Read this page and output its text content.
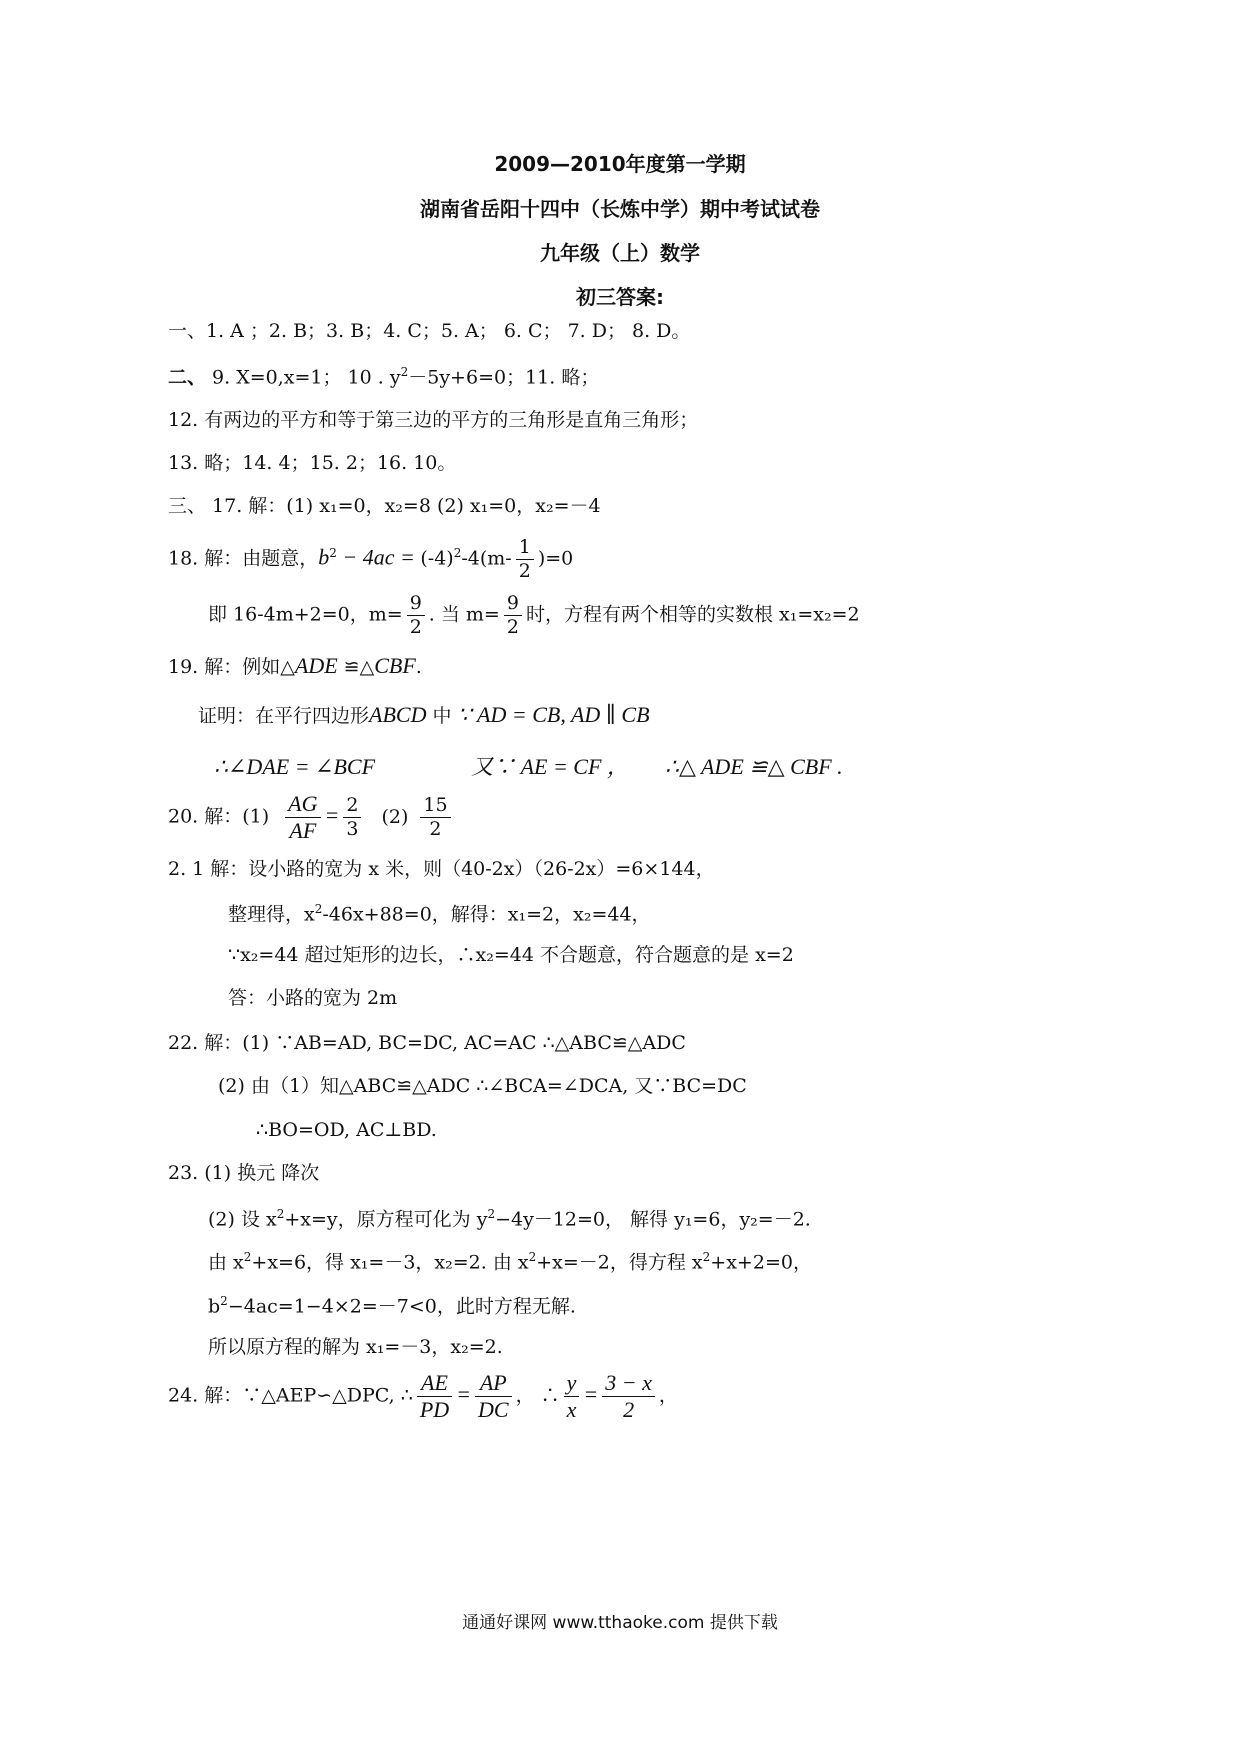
2009—2010年度第一学期
湖南省岳阳十四中（长炼中学）期中考试试卷
九年级（上）数学
初三答案:
一、1. A ；2. B；3. B；4. C；5. A； 6. C； 7. D； 8. D。
二、 9. X=0,x=1； 10 . $y^2-5y+6=0$；11. 略；
12. 有两边的平方和等于第三边的平方的三角形是直角三角形；
13. 略；14. 4；15. 2；16. 10。
三、 17. 解：(1) x₁=0，x₂=8 (2) x₁=0，x₂=－4
18. 解：由题意，$b^2 - 4ac = (-4)^2-4(m- \frac{1}{2} )=0$
即 16-4m+2=0，$m= \frac{9}{2}$ . 当 $m= \frac{9}{2}$ 时，方程有两个相等的实数根 x₁=x₂=2
19. 解：例如△ADE ≌△CBF.
证明：在平行四边形ABCD 中 ∵ AD = CB, AD ∥ CB
∴∠DAE = ∠BCF	又∵ AE = CF ， ∴△ ADE ≌△ CBF .
20. 解：$(1) \frac{AG}{AF} = \frac{2}{3} (2) \frac{15}{2}$
2. 1 解：设小路的宽为 x 米，则（40-2x）（26-2x）=6×144，
整理得，$x^2-46x+88=0$，解得：x₁=2，x₂=44，
∵x₂=44 超过矩形的边长，∴x₂=44 不合题意，符合题意的是 x=2
答：小路的宽为 2m
22. 解：(1) ∵AB=AD, BC=DC, AC=AC ∴△ABC≌△ADC
(2) 由（1）知△ABC≌△ADC ∴∠BCA=∠DCA, 又∵BC=DC
∴BO=OD, AC⊥BD.
23. (1) 换元 降次
(2) 设 $x^2+x=y$，原方程可化为 $y^2-4y-12=0$， 解得 y₁=6，y₂=－2.
由 $x^2+x=6$，得 x₁=－3，x₂=2. 由 $x^2+x=-2$，得方程 $x^2+x+2=0$，
$b^2-4ac=1-4\times 2=-7<0$，此时方程无解.
所以原方程的解为 x₁=－3，x₂=2.
24. 解：∵△AEP∽△DPC, ∴ $\frac{AE}{PD} = \frac{AP}{DC}$ ， ∴ $\frac{y}{x} = \frac{3 - x}{2}$ ，
通通好课网 www.tthaoke.com 提供下载
